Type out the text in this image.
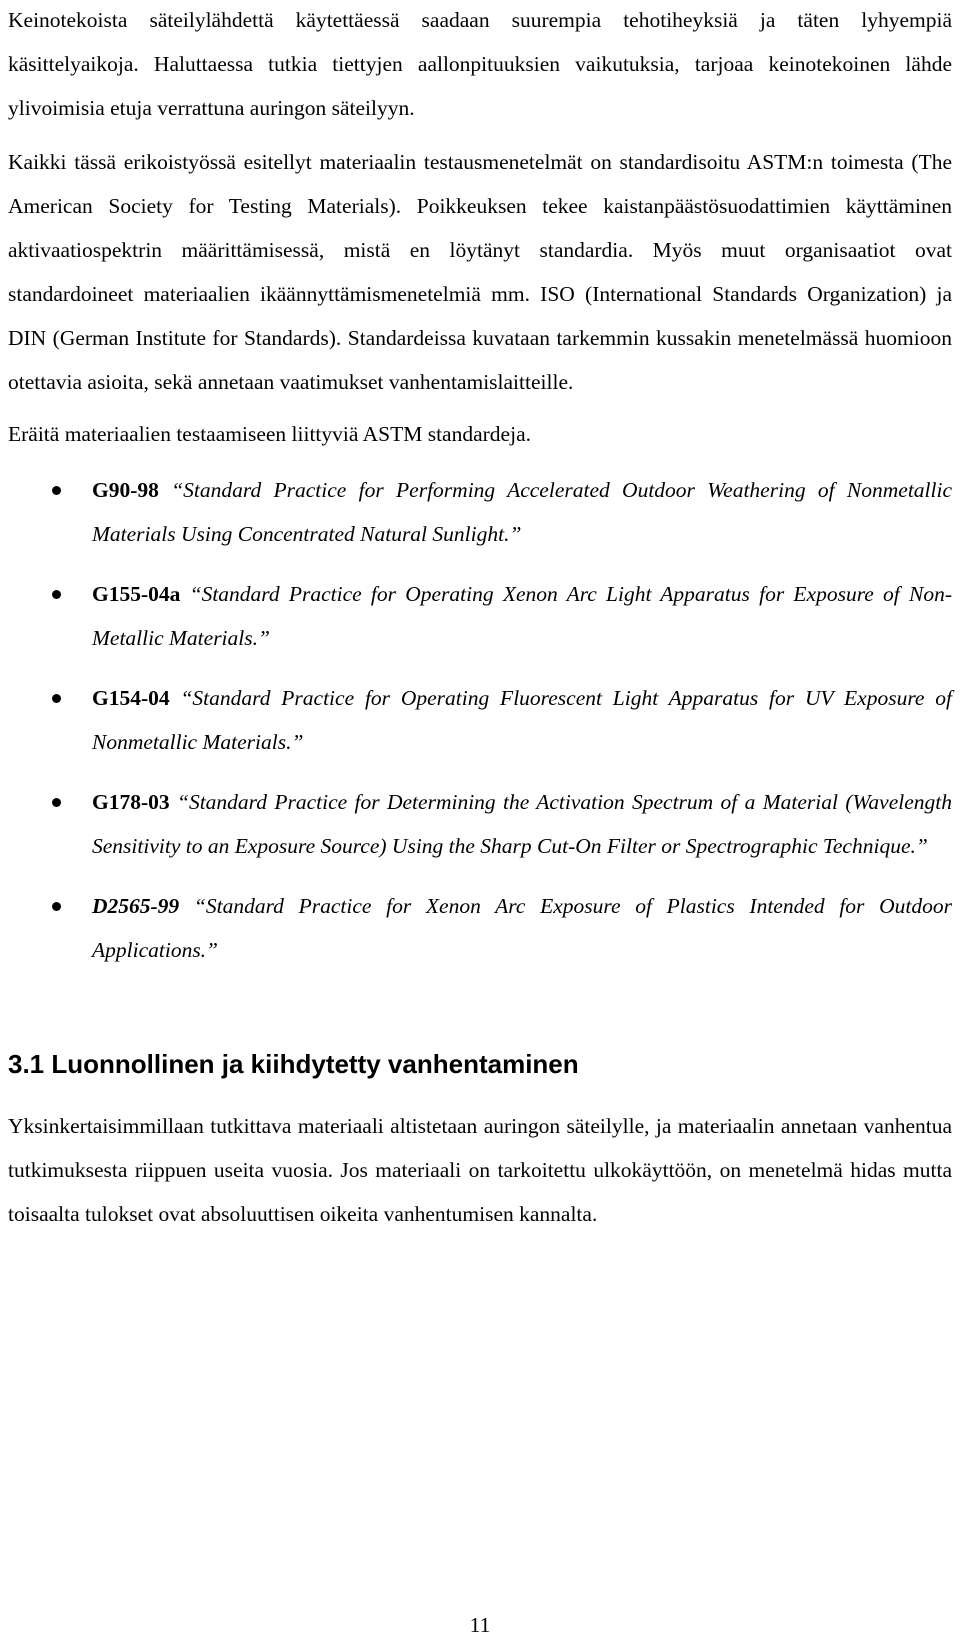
Keinotekoista säteilylähdettä käytettäessä saadaan suurempia tehotiheyksiä ja täten lyhyempiä käsittelyaikoja. Haluttaessa tutkia tiettyjen aallonpituuksien vaikutuksia, tarjoaa keinotekoinen lähde ylivoimisia etuja verrattuna auringon säteilyyn.

Kaikki tässä erikoistyössä esitellyt materiaalin testausmenetelmät on standardisoitu ASTM:n toimesta (The American Society for Testing Materials). Poikkeuksen tekee kaistanpäästösuodattimien käyttäminen aktivaatiospektrin määrittämisessä, mistä en löytänyt standardia. Myös muut organisaatiot ovat standardoineet materiaalien ikäännyttämismenetelmiä mm. ISO (International Standards Organization) ja DIN (German Institute for Standards). Standardeissa kuvataan tarkemmin kussakin menetelmässä huomioon otettavia asioita, sekä annetaan vaatimukset vanhentamislaitteille.

Eräitä materiaalien testaamiseen liittyviä ASTM standardeja.

G90-98 “Standard Practice for Performing Accelerated Outdoor Weathering of Nonmetallic Materials Using Concentrated Natural Sunlight.”
G155-04a “Standard Practice for Operating Xenon Arc Light Apparatus for Exposure of Non-Metallic Materials.”
G154-04 “Standard Practice for Operating Fluorescent Light Apparatus for UV Exposure of Nonmetallic Materials.”
G178-03 “Standard Practice for Determining the Activation Spectrum of a Material (Wavelength Sensitivity to an Exposure Source) Using the Sharp Cut-On Filter or Spectrographic Technique.”
D2565-99 “Standard Practice for Xenon Arc Exposure of Plastics Intended for Outdoor Applications.”
3.1 Luonnollinen ja kiihdytetty vanhentaminen

Yksinkertaisimmillaan tutkittava materiaali altistetaan auringon säteilylle, ja materiaalin annetaan vanhentua tutkimuksesta riippuen useita vuosia. Jos materiaali on tarkoitettu ulkokäyttöön, on menetelmä hidas mutta toisaalta tulokset ovat absoluuttisen oikeita vanhentumisen kannalta.

11
